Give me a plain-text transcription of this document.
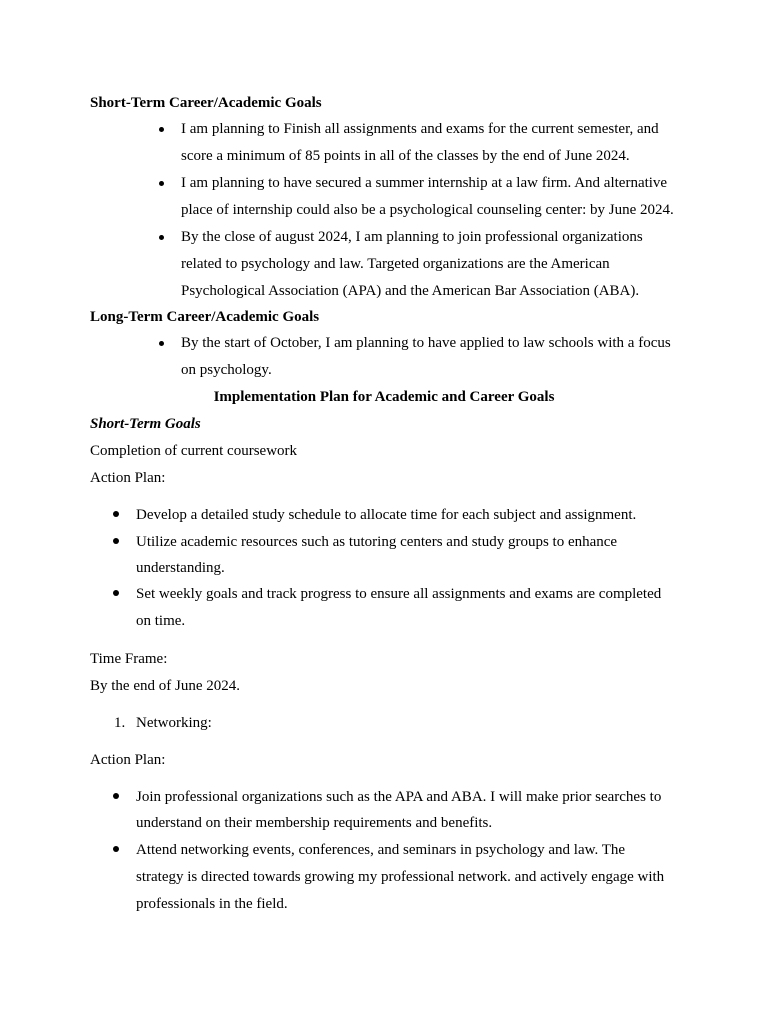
Short-Term Career/Academic Goals
I am planning to Finish all assignments and exams for the current semester, and
score a minimum of 85 points in all of the classes by the end of June 2024.
I am planning to have secured a summer internship at a law firm. And alternative
place of internship could also be a psychological counseling center: by June 2024.
By the close of august 2024, I am planning to join professional organizations
related to psychology and law. Targeted organizations are the American
Psychological Association (APA) and the American Bar Association (ABA).
Long-Term Career/Academic Goals
By the start of October, I am planning to have applied to law schools with a focus
on psychology.
Implementation Plan for Academic and Career Goals
Short-Term Goals
Completion of current coursework
Action Plan:
Develop a detailed study schedule to allocate time for each subject and assignment.
Utilize academic resources such as tutoring centers and study groups to enhance
understanding.
Set weekly goals and track progress to ensure all assignments and exams are completed
on time.
Time Frame:
By the end of June 2024.
1. Networking:
Action Plan:
Join professional organizations such as the APA and ABA. I will make prior searches to
understand on their membership requirements and benefits.
Attend networking events, conferences, and seminars in psychology and law. The
strategy is directed towards growing my professional network. and actively engage with
professionals in the field.
